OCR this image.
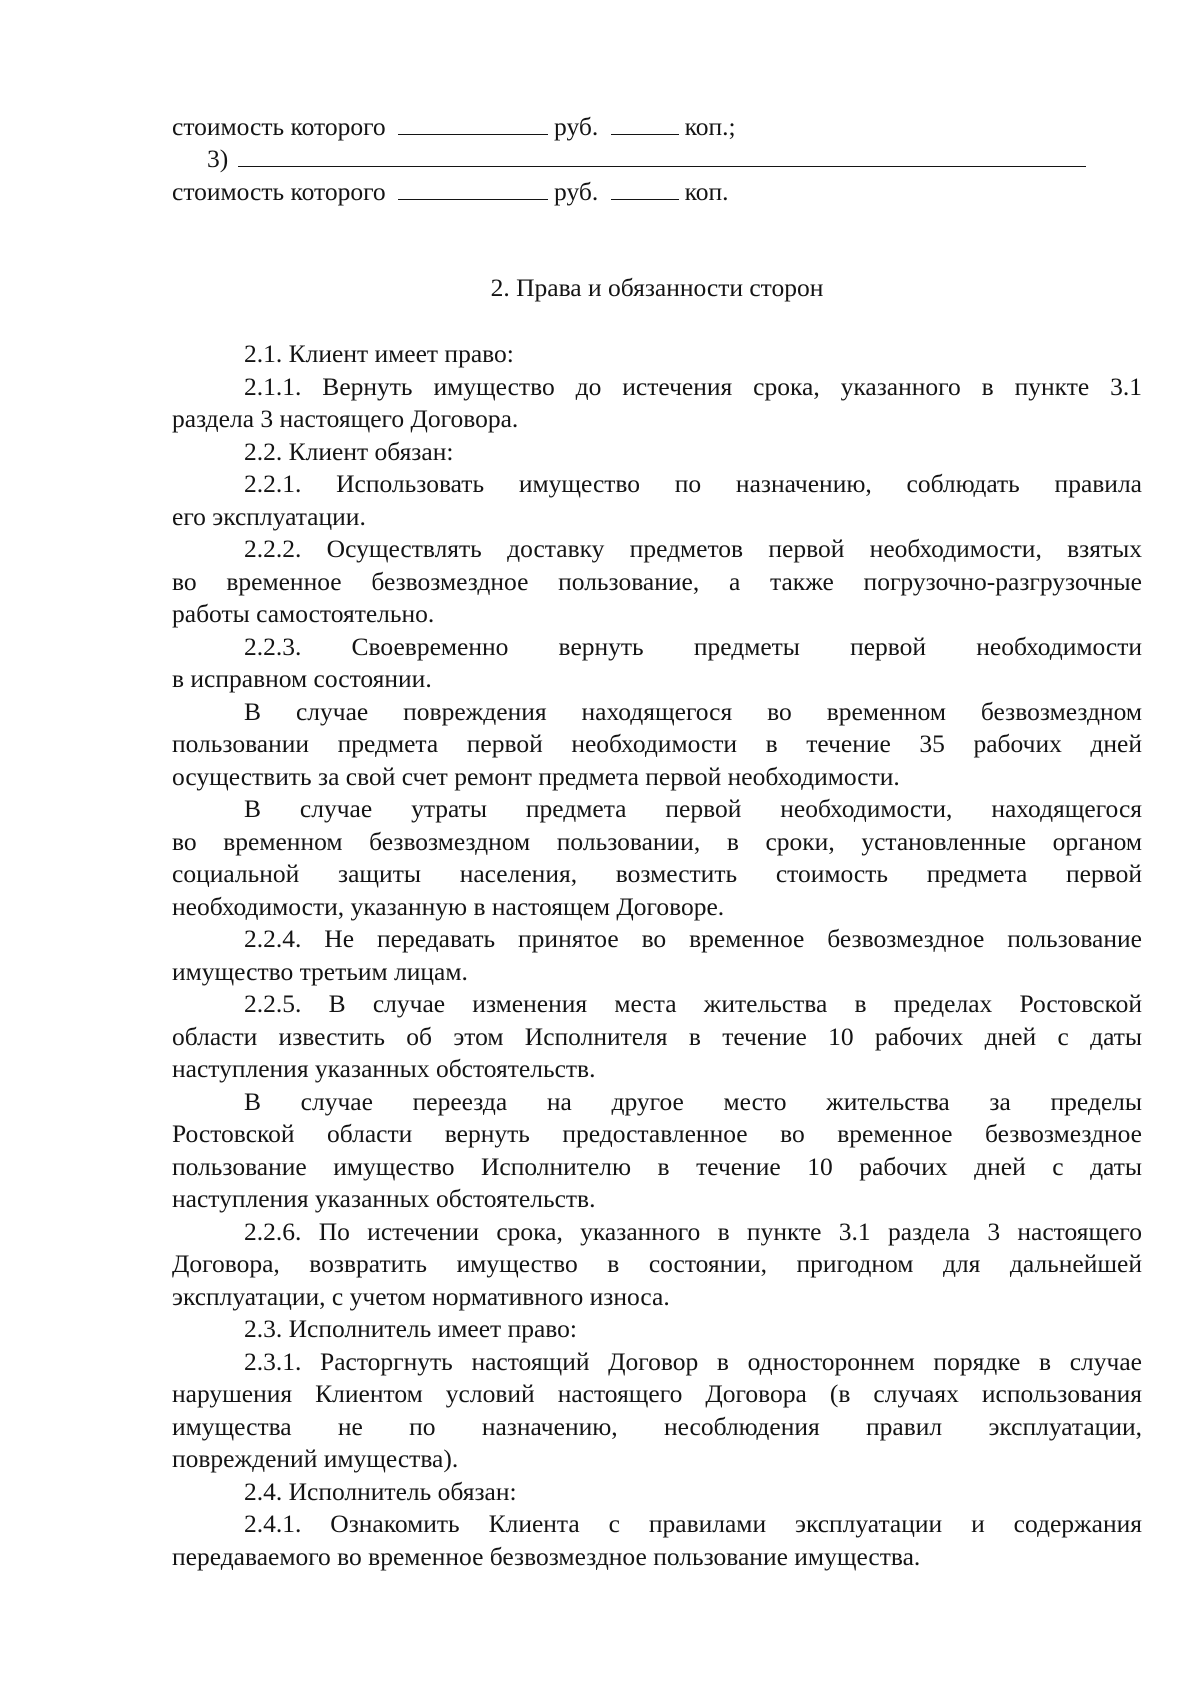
стоимость которого	руб.	коп.;
3)
стоимость которого	руб.	коп.
2. Права и обязанности сторон
2.1. Клиент имеет право:
2.1.1. Вернуть имущество до истечения срока, указанного в пункте 3.1
раздела 3 настоящего Договора.
2.2. Клиент обязан:
2.2.1. Использовать имущество по назначению, соблюдать правила
его эксплуатации.
2.2.2. Осуществлять доставку предметов первой необходимости, взятых
во временное безвозмездное пользование, а также погрузочно-разгрузочные
работы самостоятельно.
2.2.3. Своевременно вернуть предметы первой необходимости
в исправном состоянии.
В случае повреждения находящегося во временном безвозмездном
пользовании предмета первой необходимости в течение 35 рабочих дней
осуществить за свой счет ремонт предмета первой необходимости.
В случае утраты предмета первой необходимости, находящегося
во временном безвозмездном пользовании, в сроки, установленные органом
социальной защиты населения, возместить стоимость предмета первой
необходимости, указанную в настоящем Договоре.
2.2.4. Не передавать принятое во временное безвозмездное пользование
имущество третьим лицам.
2.2.5. В случае изменения места жительства в пределах Ростовской
области известить об этом Исполнителя в течение 10 рабочих дней с даты
наступления указанных обстоятельств.
В случае переезда на другое место жительства за пределы
Ростовской области вернуть предоставленное во временное безвозмездное
пользование имущество Исполнителю в течение 10 рабочих дней с даты
наступления указанных обстоятельств.
2.2.6. По истечении срока, указанного в пункте 3.1 раздела 3 настоящего
Договора, возвратить имущество в состоянии, пригодном для дальнейшей
эксплуатации, с учетом нормативного износа.
2.3. Исполнитель имеет право:
2.3.1. Расторгнуть настоящий Договор в одностороннем порядке в случае
нарушения Клиентом условий настоящего Договора (в случаях использования
имущества не по назначению, несоблюдения правил эксплуатации,
повреждений имущества).
2.4. Исполнитель обязан:
2.4.1. Ознакомить Клиента с правилами эксплуатации и содержания
передаваемого во временное безвозмездное пользование имущества.
